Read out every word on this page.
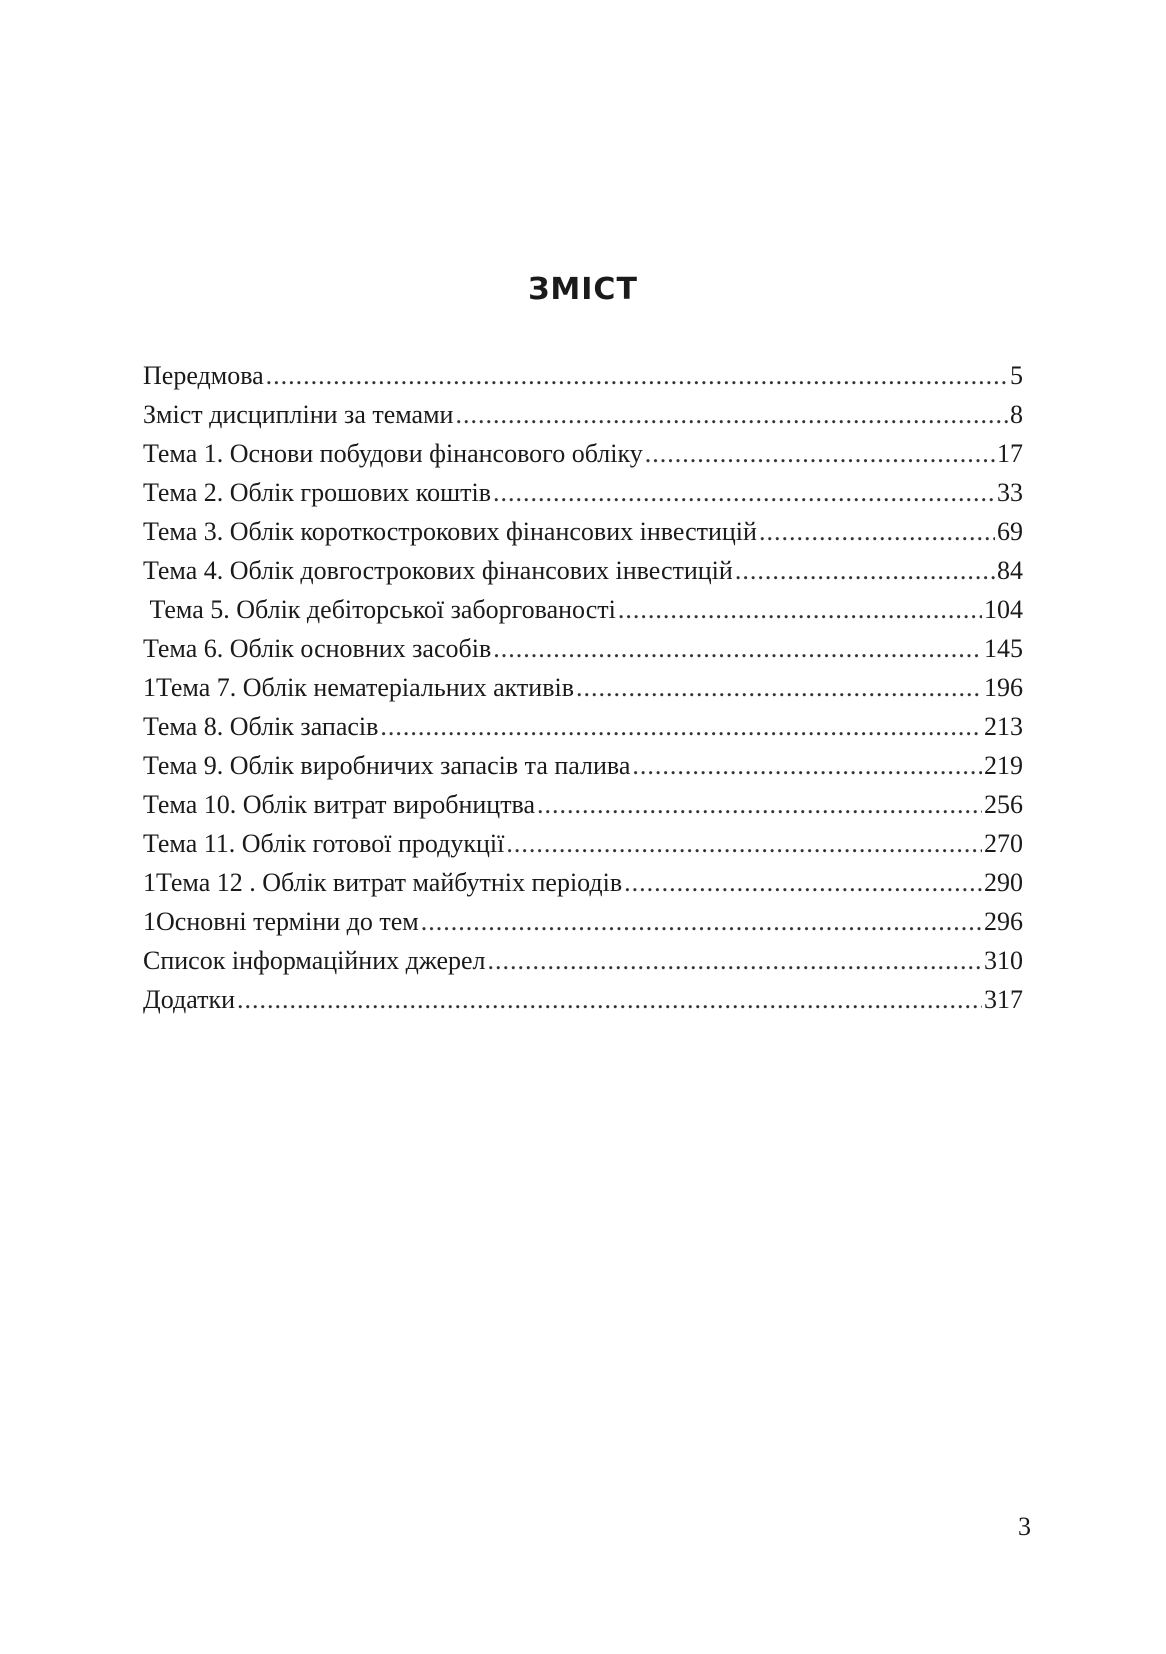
ЗМІСТ
Передмова .....	5
Зміст дисципліни за темами .....	8
Тема 1. Основи побудови фінансового обліку .....	17
Тема 2. Облік грошових коштів .....	33
Тема 3. Облік короткострокових фінансових інвестицій .....	69
Тема 4. Облік довгострокових фінансових інвестицій .....	84
Тема 5. Облік дебіторської заборгованості .....	104
Тема 6. Облік основних засобів .....	145
1Тема 7. Облік нематеріальних активів .....	196
Тема 8. Облік запасів .....	213
Тема 9. Облік виробничих запасів та палива .....	219
Тема 10. Облік витрат виробництва .....	256
Тема 11. Облік готової продукції .....	270
1Тема 12 . Облік витрат майбутніх періодів .....	290
1Основні терміни до тем .....	296
Список інформаційних джерел .....	310
Додатки .....	317
3
